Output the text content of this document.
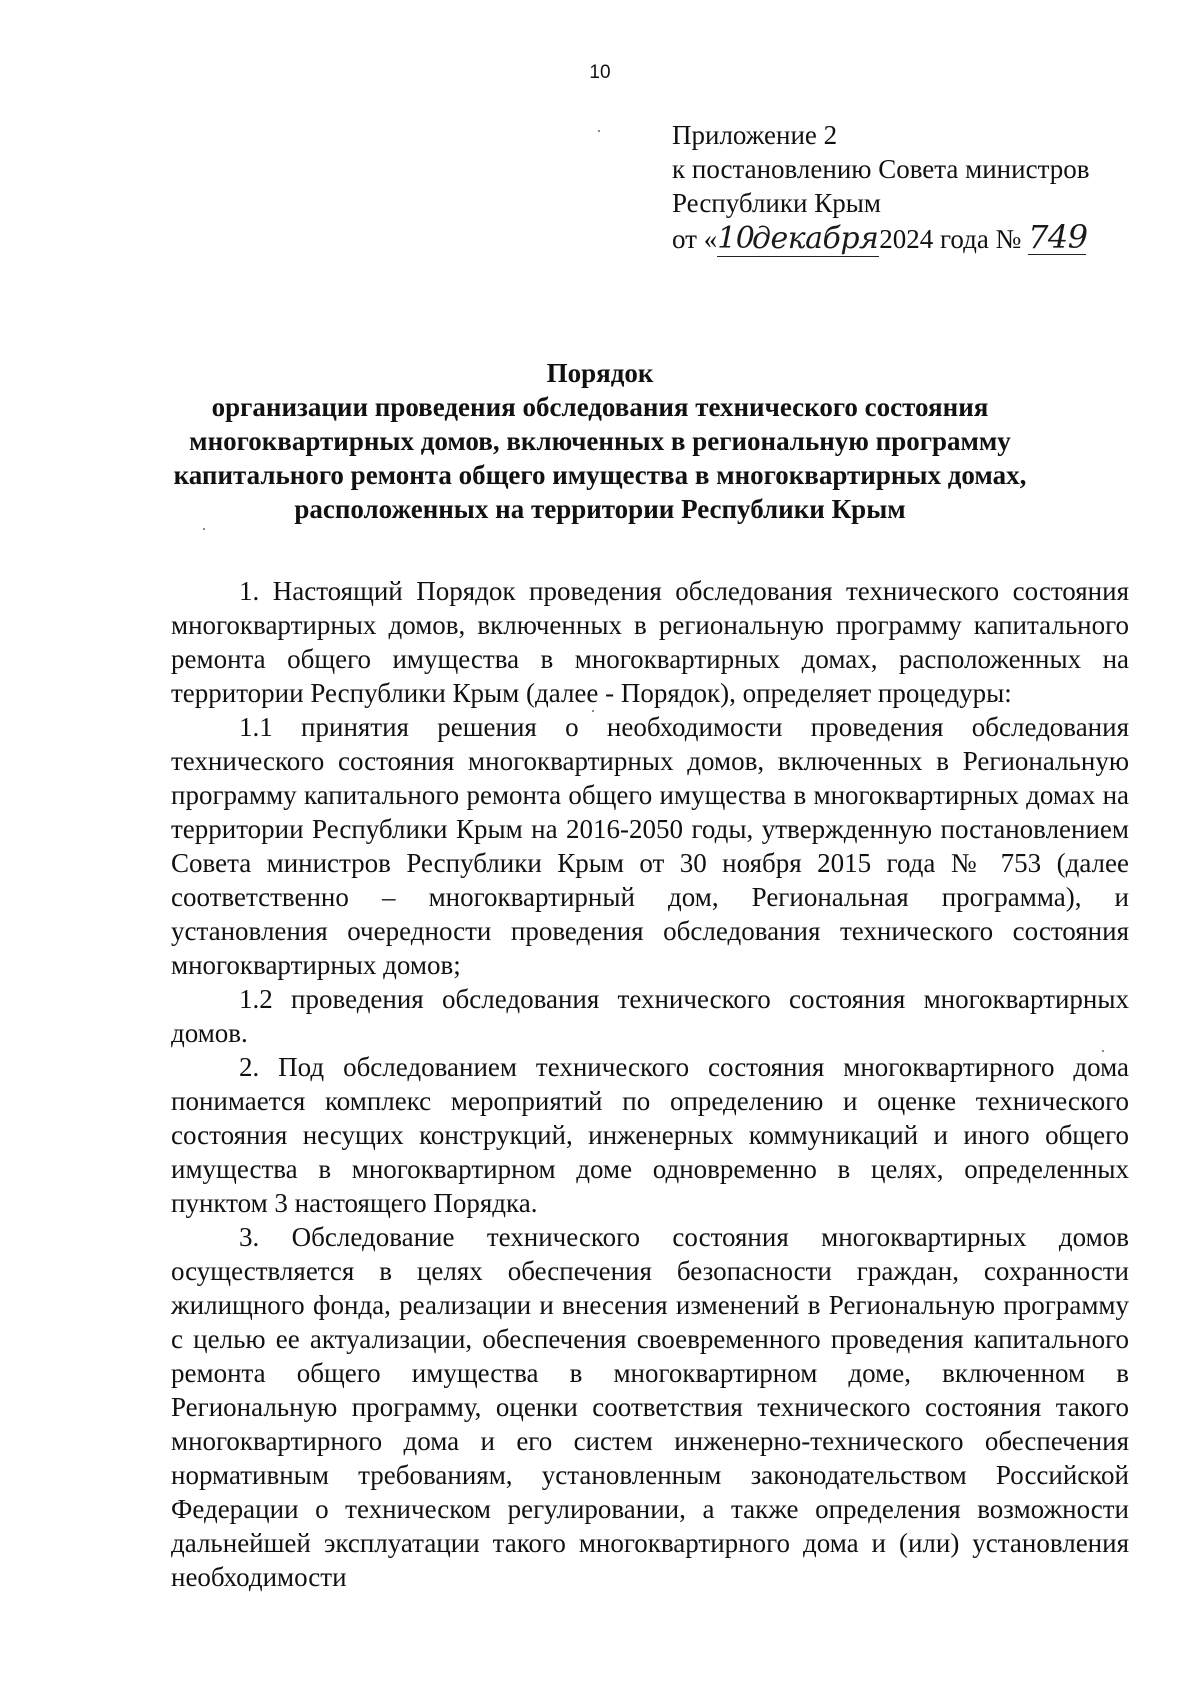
10
Приложение 2
к постановлению Совета министров
Республики Крым
от «10декабря2024 года № 749
Порядок
организации проведения обследования технического состояния
многоквартирных домов, включенных в региональную программу
капитального ремонта общего имущества в многоквартирных домах,
расположенных на территории Республики Крым

1. Настоящий Порядок проведения обследования технического состояния многоквартирных домов, включенных в региональную программу капитального ремонта общего имущества в многоквартирных домах, расположенных на территории Республики Крым (далее - Порядок), определяет процедуры:

1.1 принятия решения о необходимости проведения обследования технического состояния многоквартирных домов, включенных в Региональную программу капитального ремонта общего имущества в многоквартирных домах на территории Республики Крым на 2016-2050 годы, утвержденную постановлением Совета министров Республики Крым от 30 ноября 2015 года № 753 (далее соответственно – многоквартирный дом, Региональная программа), и установления очередности проведения обследования технического состояния многоквартирных домов;

1.2 проведения обследования технического состояния многоквартирных домов.

2. Под обследованием технического состояния многоквартирного дома понимается комплекс мероприятий по определению и оценке технического состояния несущих конструкций, инженерных коммуникаций и иного общего имущества в многоквартирном доме одновременно в целях, определенных пунктом 3 настоящего Порядка.

3. Обследование технического состояния многоквартирных домов осуществляется в целях обеспечения безопасности граждан, сохранности жилищного фонда, реализации и внесения изменений в Региональную программу с целью ее актуализации, обеспечения своевременного проведения капитального ремонта общего имущества в многоквартирном доме, включенном в Региональную программу, оценки соответствия технического состояния такого многоквартирного дома и его систем инженерно-технического обеспечения нормативным требованиям, установленным законодательством Российской Федерации о техническом регулировании, а также определения возможности дальнейшей эксплуатации такого многоквартирного дома и (или) установления необходимости
